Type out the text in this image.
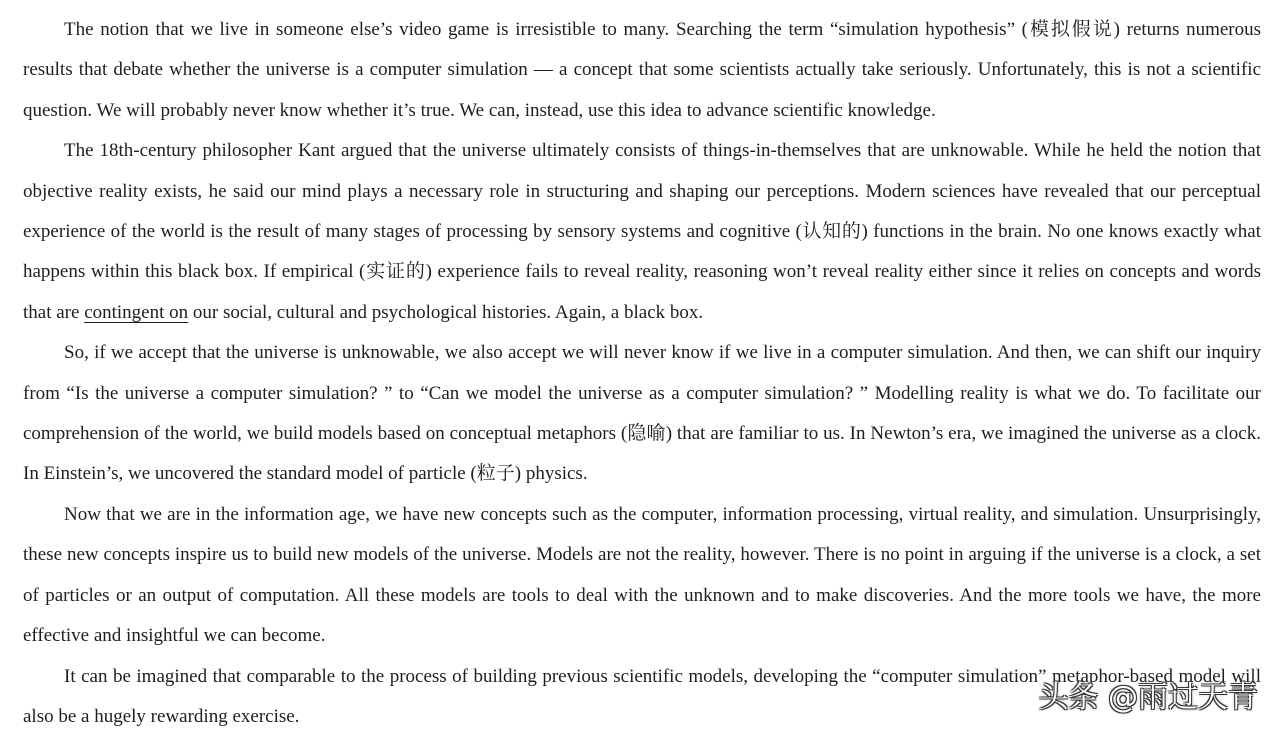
The notion that we live in someone else’s video game is irresistible to many. Searching the term “simulation hypothesis” (模拟假说) returns numerous results that debate whether the universe is a computer simulation — a concept that some scientists actually take seriously. Unfortunately, this is not a scientific question. We will probably never know whether it’s true. We can, instead, use this idea to advance scientific knowledge.

The 18th-century philosopher Kant argued that the universe ultimately consists of things-in-themselves that are unknowable. While he held the notion that objective reality exists, he said our mind plays a necessary role in structuring and shaping our perceptions. Modern sciences have revealed that our perceptual experience of the world is the result of many stages of processing by sensory systems and cognitive (认知的) functions in the brain. No one knows exactly what happens within this black box. If empirical (实证的) experience fails to reveal reality, reasoning won’t reveal reality either since it relies on concepts and words that are contingent on our social, cultural and psychological histories. Again, a black box.

So, if we accept that the universe is unknowable, we also accept we will never know if we live in a computer simulation. And then, we can shift our inquiry from “Is the universe a computer simulation? ” to “Can we model the universe as a computer simulation? ” Modelling reality is what we do. To facilitate our comprehension of the world, we build models based on conceptual metaphors (隐喻) that are familiar to us. In Newton’s era, we imagined the universe as a clock. In Einstein’s, we uncovered the standard model of particle (粒子) physics.

Now that we are in the information age, we have new concepts such as the computer, information processing, virtual reality, and simulation. Unsurprisingly, these new concepts inspire us to build new models of the universe. Models are not the reality, however. There is no point in arguing if the universe is a clock, a set of particles or an output of computation. All these models are tools to deal with the unknown and to make discoveries. And the more tools we have, the more effective and insightful we can become.

It can be imagined that comparable to the process of building previous scientific models, developing the “computer simulation” metaphor-based model will also be a hugely rewarding exercise.

头条 @雨过天青
